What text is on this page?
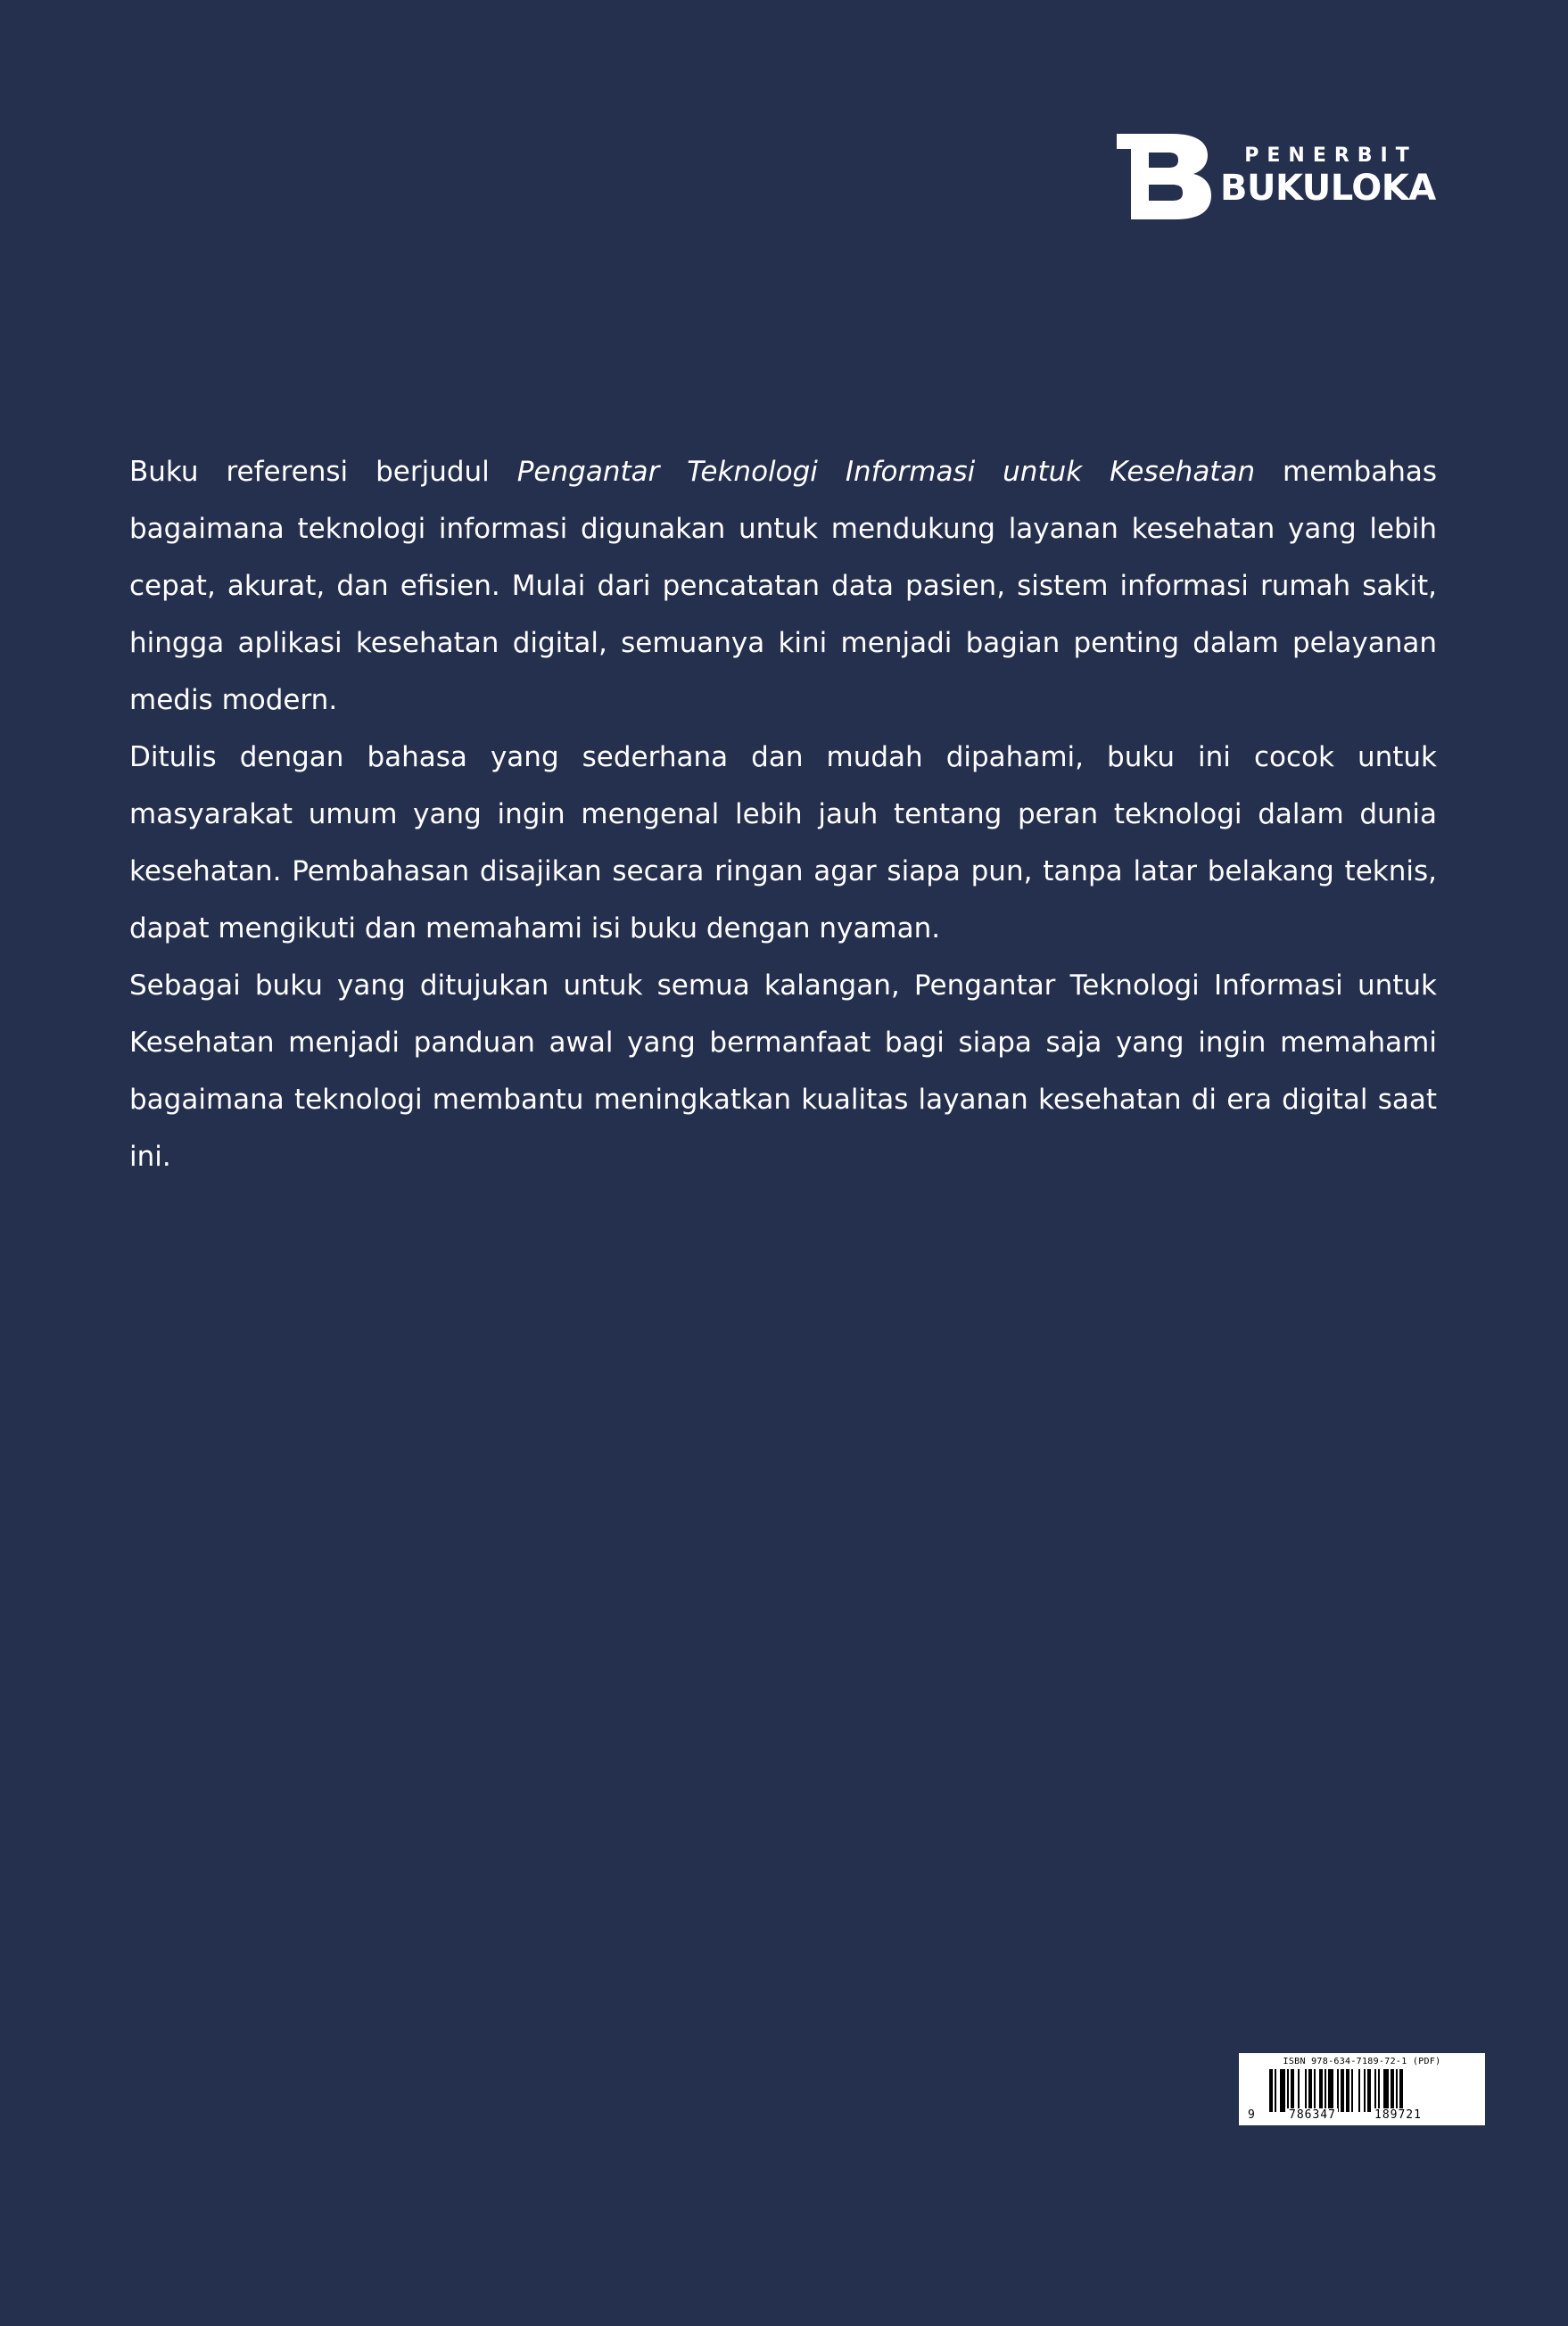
PENERBIT
BUKULOKA

Buku referensi berjudul Pengantar Teknologi Informasi untuk Kesehatan membahas bagaimana teknologi informasi digunakan untuk mendukung layanan kesehatan yang lebih cepat, akurat, dan efisien. Mulai dari pencatatan data pasien, sistem informasi rumah sakit, hingga aplikasi kesehatan digital, semuanya kini menjadi bagian penting dalam pelayanan medis modern.

Ditulis dengan bahasa yang sederhana dan mudah dipahami, buku ini cocok untuk masyarakat umum yang ingin mengenal lebih jauh tentang peran teknologi dalam dunia kesehatan. Pembahasan disajikan secara ringan agar siapa pun, tanpa latar belakang teknis, dapat mengikuti dan memahami isi buku dengan nyaman.

Sebagai buku yang ditujukan untuk semua kalangan, Pengantar Teknologi Informasi untuk Kesehatan menjadi panduan awal yang bermanfaat bagi siapa saja yang ingin memahami bagaimana teknologi membantu meningkatkan kualitas layanan kesehatan di era digital saat ini.

ISBN 978-634-7189-72-1 (PDF)
9	786347	189721
